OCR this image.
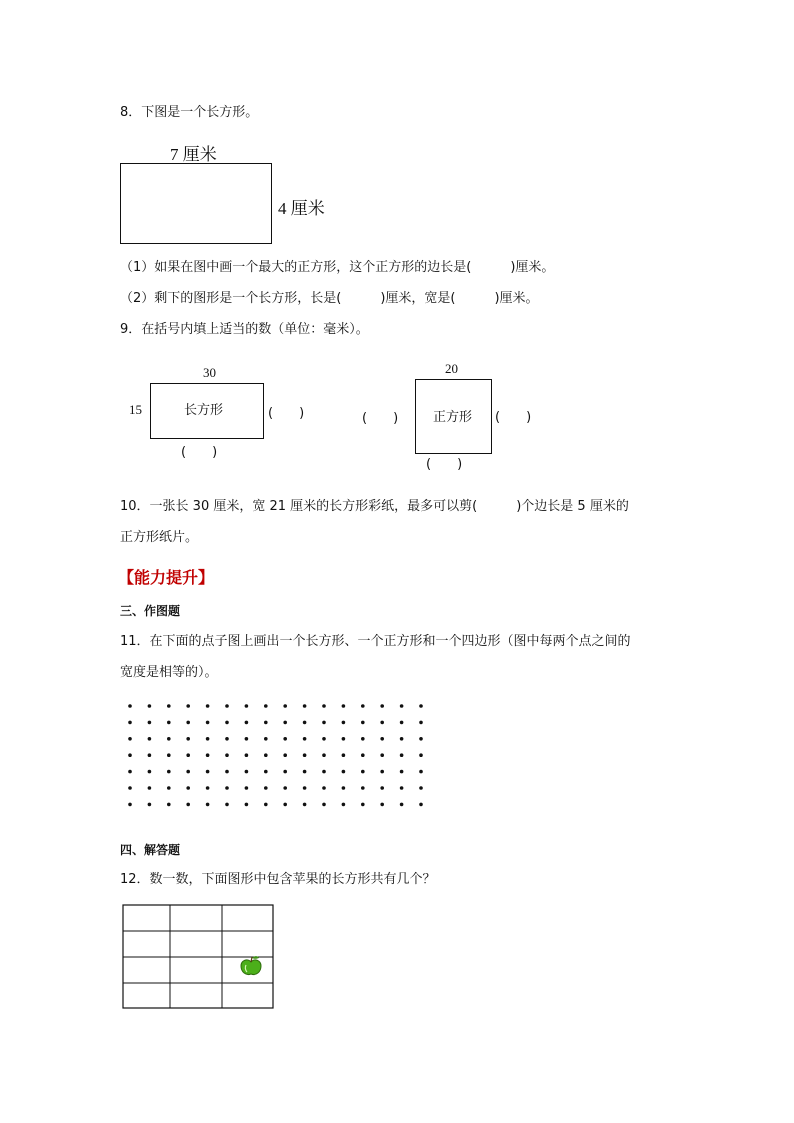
8．下图是一个长方形。
7 厘米
4 厘米
（1）如果在图中画一个最大的正方形，这个正方形的边长是(　　　)厘米。
（2）剩下的图形是一个长方形，长是(　　　)厘米，宽是(　　　)厘米。
9．在括号内填上适当的数（单位：毫米）。
30
15	长方形	(　　)
(　　)
20
(　　)	正方形 (　　)
(　　)
10．一张长 30 厘米，宽 21 厘米的长方形彩纸，最多可以剪(　　　)个边长是 5 厘米的
正方形纸片。
【能力提升】
三、作图题
11．在下面的点子图上画出一个长方形、一个正方形和一个四边形（图中每两个点之间的
宽度是相等的）。
四、解答题
12．数一数，下面图形中包含苹果的长方形共有几个？
